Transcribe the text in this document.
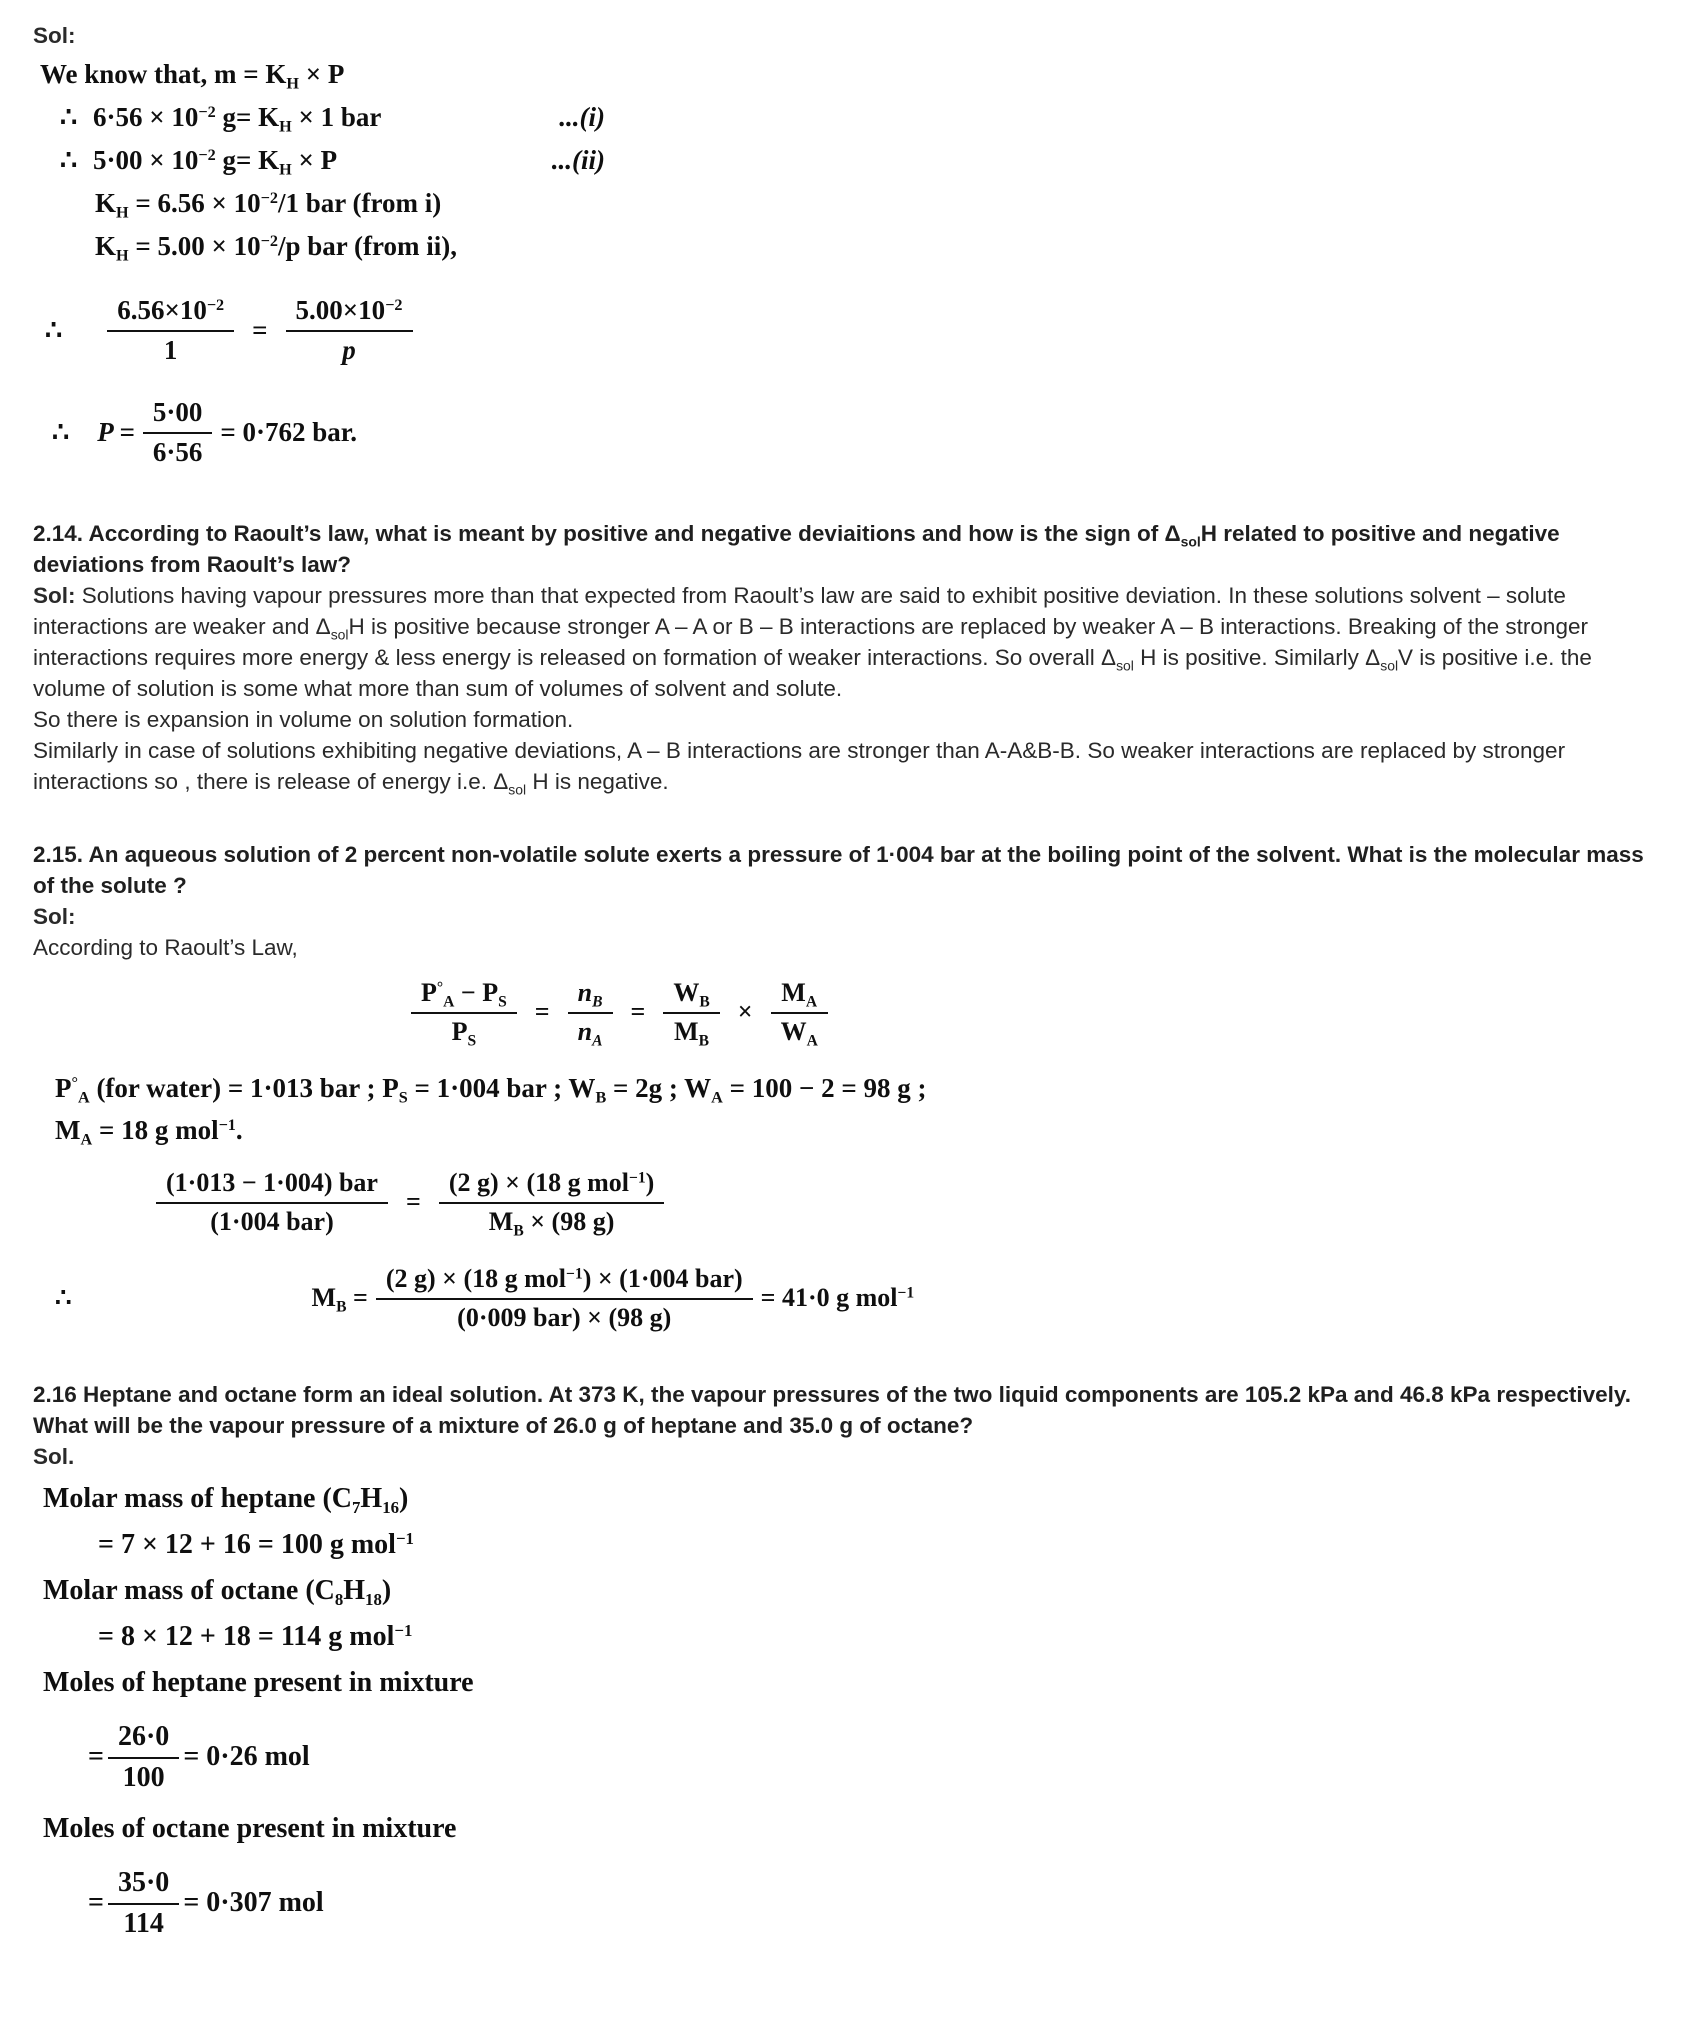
Sol:
We know that, $m = K_H \times P$
∴ $6\cdot 56 \times 10^{-2}$ $g= K_H \times 1$ bar	...(i)
∴ $5\cdot 00 \times 10^{-2}$ $g= K_H \times P$	...(ii)
$K_H = 6.56 \times 10^{-2}/1$ bar (from i)
$K_H = 5.00 \times 10^{-2}/p$ bar (from ii),
∴ $\frac{6.56\times 10^{-2}}{1} = \frac{5.00\times 10^{-2}}{p}$
∴ $P = \frac{5\cdot 00}{6\cdot 56} = 0\cdot 762$ bar.
2.14. According to Raoult’s law, what is meant by positive and negative deviaitions and how is the sign of $\Delta_{sol}H$ related to positive and negative deviations from Raoult’s law?

Sol: Solutions having vapour pressures more than that expected from Raoult’s law are said to exhibit positive deviation. In these solutions solvent – solute interactions are weaker and $\Delta_{sol}H$ is positive because stronger A – A or B – B interactions are replaced by weaker A – B interactions. Breaking of the stronger interactions requires more energy & less energy is released on formation of weaker interactions. So overall $\Delta_{sol}$ H is positive. Similarly $\Delta_{sol}V$ is positive i.e. the volume of solution is some what more than sum of volumes of solvent and solute.

So there is expansion in volume on solution formation.

Similarly in case of solutions exhibiting negative deviations, A – B interactions are stronger than A-A&B-B. So weaker interactions are replaced by stronger interactions so , there is release of energy i.e. $\Delta_{sol}$ H is negative.

2.15. An aqueous solution of 2 percent non-volatile solute exerts a pressure of 1·004 bar at the boiling point of the solvent. What is the molecular mass of the solute ?
Sol:
According to Raoult’s Law,
$\frac{P^\circ_A - P_S}{P_S} = \frac{n_B}{n_A} = \frac{W_B}{M_B} \times \frac{M_A}{W_A}$
$P^\circ_A$ (for water) = 1·013 bar ; $P_S = 1\cdot 004$ bar ; $W_B = 2g$ ; $W_A = 100 - 2 = 98$ g ;
$M_A = 18$ g mol$^{-1}$.
$\frac{\text{(1·013 − 1·004) bar}}{\text{(1·004 bar)}} = \frac{(2 g) \times (18 g mol^{-1})}{M_B \times (98 g)}$
∴	$M_B = \frac{(2 g) \times (18 g mol^{-1}) \times (1\cdot 004 bar)}{\text{(0·009 bar) × (98 g)}} = 41\cdot 0$ g mol$^{-1}$
2.16 Heptane and octane form an ideal solution. At 373 K, the vapour pressures of the two liquid components are 105.2 kPa and 46.8 kPa respectively. What will be the vapour pressure of a mixture of 26.0 g of heptane and 35.0 g of octane?
Sol.
Molar mass of heptane $(C_7H_{16})$
= 7 × 12 + 16 = 100 g mol$^{-1}$
Molar mass of octane $(C_8H_{18})$
= 8 × 12 + 18 = 114 g mol$^{-1}$
Moles of heptane present in mixture
= $\frac{26\cdot 0}{100} = 0\cdot 26$ mol
Moles of octane present in mixture
= $\frac{35\cdot 0}{114} = 0\cdot 307$ mol
